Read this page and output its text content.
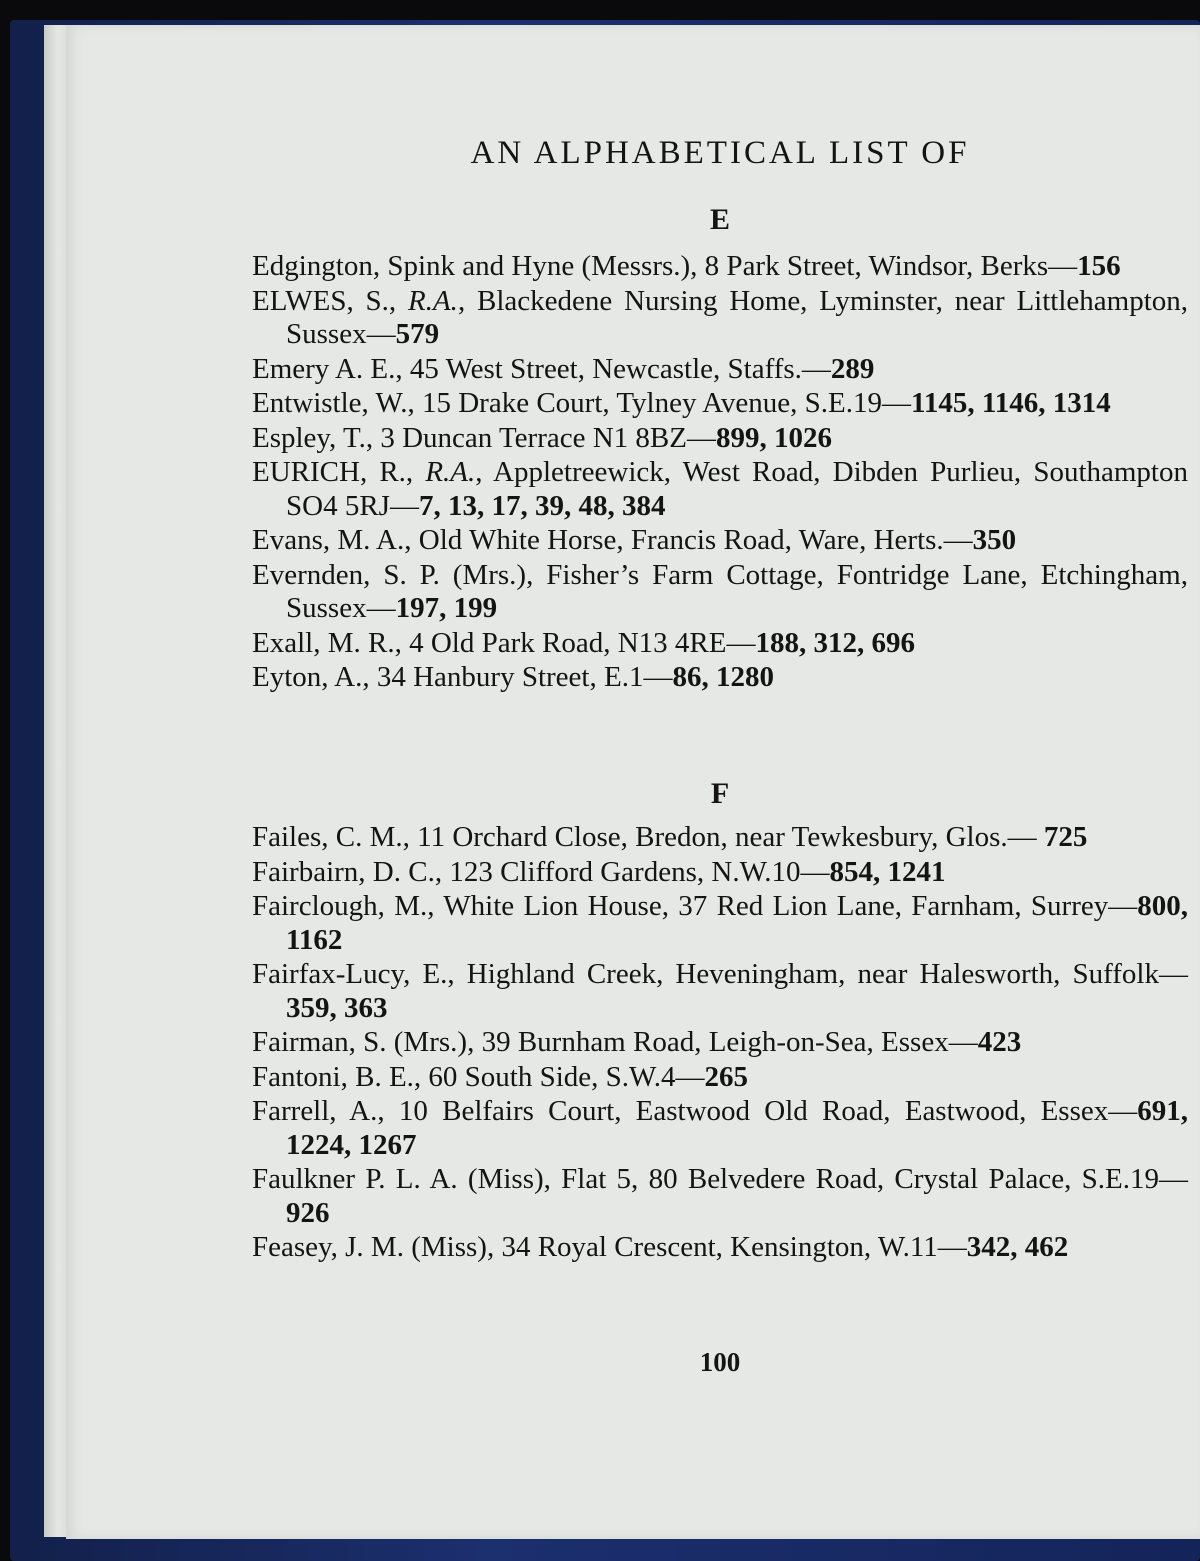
AN ALPHABETICAL LIST OF
E
Edgington, Spink and Hyne (Messrs.), 8 Park Street, Windsor, Berks—156
ELWES, S., R.A., Blackedene Nursing Home, Lyminster, near Littlehampton, Sussex—579
Emery A. E., 45 West Street, Newcastle, Staffs.—289
Entwistle, W., 15 Drake Court, Tylney Avenue, S.E.19—1145, 1146, 1314
Espley, T., 3 Duncan Terrace N1 8BZ—899, 1026
EURICH, R., R.A., Appletreewick, West Road, Dibden Purlieu, Southampton SO4 5RJ—7, 13, 17, 39, 48, 384
Evans, M. A., Old White Horse, Francis Road, Ware, Herts.—350
Evernden, S. P. (Mrs.), Fisher’s Farm Cottage, Fontridge Lane, Etchingham, Sussex—197, 199
Exall, M. R., 4 Old Park Road, N13 4RE—188, 312, 696
Eyton, A., 34 Hanbury Street, E.1—86, 1280
F
Failes, C. M., 11 Orchard Close, Bredon, near Tewkesbury, Glos.— 725
Fairbairn, D. C., 123 Clifford Gardens, N.W.10—854, 1241
Fairclough, M., White Lion House, 37 Red Lion Lane, Farnham, Surrey—800, 1162
Fairfax-Lucy, E., Highland Creek, Heveningham, near Halesworth, Suffolk—359, 363
Fairman, S. (Mrs.), 39 Burnham Road, Leigh-on-Sea, Essex—423
Fantoni, B. E., 60 South Side, S.W.4—265
Farrell, A., 10 Belfairs Court, Eastwood Old Road, Eastwood, Essex—691, 1224, 1267
Faulkner P. L. A. (Miss), Flat 5, 80 Belvedere Road, Crystal Palace, S.E.19—926
Feasey, J. M. (Miss), 34 Royal Crescent, Kensington, W.11—342, 462
100
